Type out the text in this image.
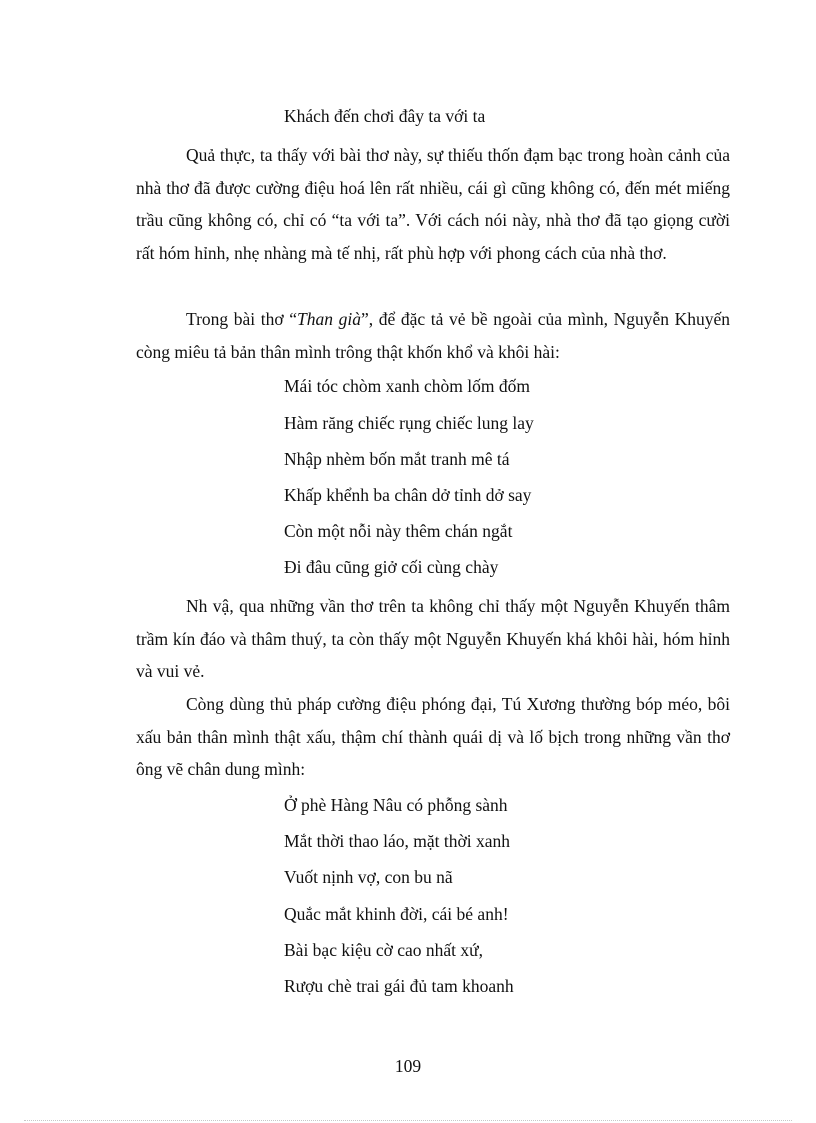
Khách đến chơi đây ta với ta

Quả thực, ta thấy với bài thơ này, sự thiếu thốn đạm bạc trong hoàn cảnh của nhà thơ đã được cường điệu hoá lên rất nhiều, cái gì cũng không có, đến mét miếng trầu cũng không có, chỉ có “ta với ta”. Với cách nói này, nhà thơ đã tạo giọng cười rất hóm hỉnh, nhẹ nhàng mà tế nhị, rất phù hợp với phong cách của nhà thơ.

Trong bài thơ “Than già”, để đặc tả vẻ bề ngoài của mình, Nguyễn Khuyến còng miêu tả bản thân mình trông thật khốn khổ và khôi hài:

Mái tóc chòm xanh chòm lốm đốm
Hàm răng chiếc rụng chiếc lung lay
Nhập nhèm bốn mắt tranh mê tá
Khấp khểnh ba chân dở tỉnh dở say
Còn một nỗi này thêm chán ngắt
Đi đâu cũng giở cối cùng chày

Nh vậ, qua những vần thơ trên ta không chỉ thấy một Nguyễn Khuyến thâm trầm kín đáo và thâm thuý, ta còn thấy một Nguyễn Khuyến khá khôi hài, hóm hỉnh và vui vẻ.

Còng dùng thủ pháp cường điệu phóng đại, Tú Xương thường bóp méo, bôi xấu bản thân mình thật xấu, thậm chí thành quái dị và lố bịch trong những vần thơ ông vẽ chân dung mình:

Ở phè Hàng Nâu có phỗng sành
Mắt thời thao láo, mặt thời xanh
Vuốt nịnh vợ, con bu nã
Quắc mắt khinh đời, cái bé anh!
Bài bạc kiệu cờ cao nhất xứ,
Rượu chè trai gái đủ tam khoanh
109
